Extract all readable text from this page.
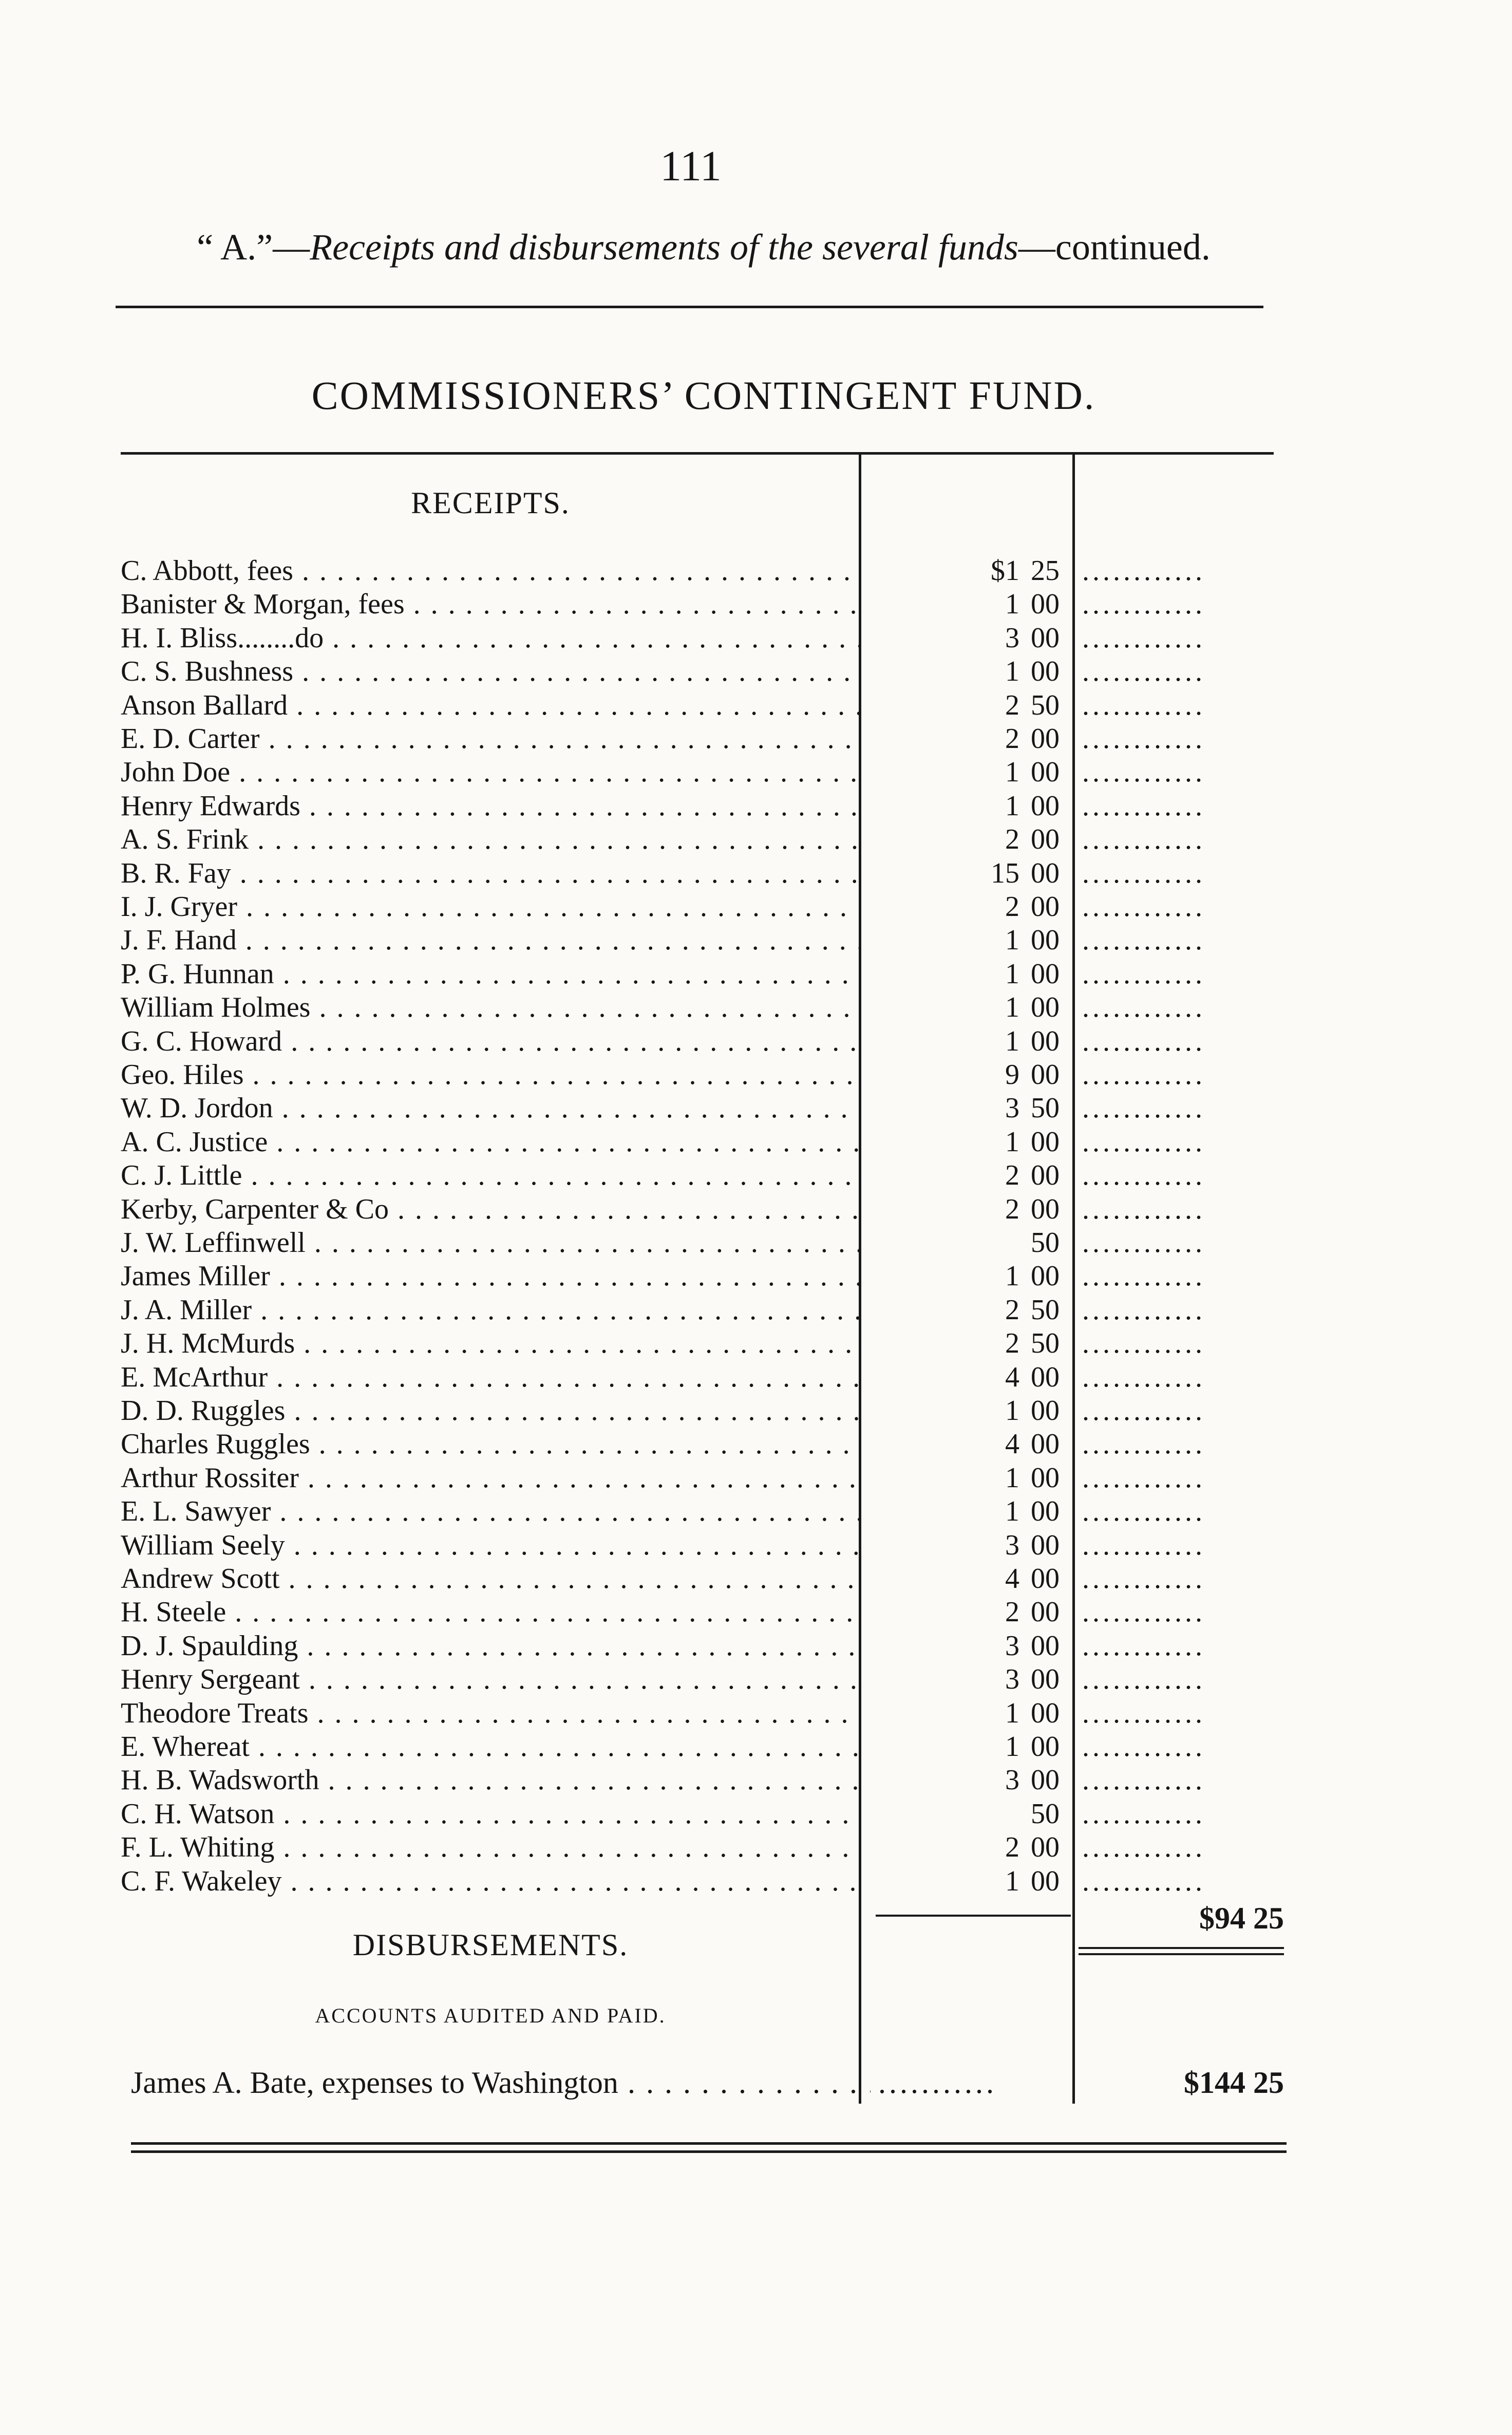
111
“ A.”—Receipts and disbursements of the several funds—continued.
COMMISSIONERS’ CONTINGENT FUND.
RECEIPTS.
C. Abbott, fees . . .	$1 25 ............
Banister & Morgan, fees . . .	1 00 ............
H. I. Bliss........do . . .	3 00 ............
C. S. Bushness . . .	1 00 ............
Anson Ballard . . .	2 50 ............
E. D. Carter . . .	2 00 ............
John Doe . . .	1 00 ............
Henry Edwards . . .	1 00 ............
A. S. Frink . . .	2 00 ............
B. R. Fay . . .	15 00 ............
I. J. Gryer . . .	2 00 ............
J. F. Hand . . .	1 00 ............
P. G. Hunnan . . .	1 00 ............
William Holmes . . .	1 00 ............
G. C. Howard . . .	1 00 ............
Geo. Hiles . . .	9 00 ............
W. D. Jordon . . .	3 50 ............
A. C. Justice . . .	1 00 ............
C. J. Little . . .	2 00 ............
Kerby, Carpenter & Co . . .	2 00 ............
J. W. Leffinwell . . .	50 ............
James Miller . . .	1 00 ............
J. A. Miller . . .	2 50 ............
J. H. McMurds . . .	2 50 ............
E. McArthur . . .	4 00 ............
D. D. Ruggles . . .	1 00 ............
Charles Ruggles . . .	4 00 ............
Arthur Rossiter . . .	1 00 ............
E. L. Sawyer . . .	1 00 ............
William Seely . . .	3 00 ............
Andrew Scott . . .	4 00 ............
H. Steele . . .	2 00 ............
D. J. Spaulding . . .	3 00 ............
Henry Sergeant . . .	3 00 ............
Theodore Treats . . .	1 00 ............
E. Whereat . . .	1 00 ............
H. B. Wadsworth . . .	3 00 ............
C. H. Watson . . .	50 ............
F. L. Whiting . . .	2 00 ............
C. F. Wakeley . . .	1 00 ............
$94 25
DISBURSEMENTS.
ACCOUNTS AUDITED AND PAID.
James A. Bate, expenses to Washington . . .	...........	$144 25
